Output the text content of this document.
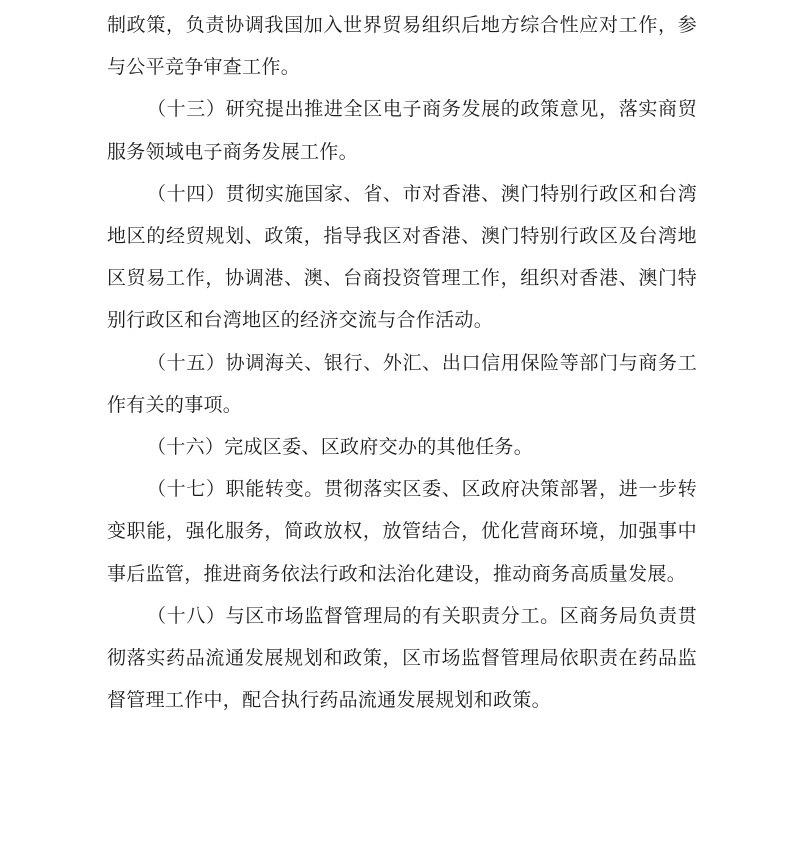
制政策，负责协调我国加入世界贸易组织后地方综合性应对工作，参与公平竞争审查工作。

（十三）研究提出推进全区电子商务发展的政策意见，落实商贸服务领域电子商务发展工作。

（十四）贯彻实施国家、省、市对香港、澳门特别行政区和台湾地区的经贸规划、政策，指导我区对香港、澳门特别行政区及台湾地区贸易工作，协调港、澳、台商投资管理工作，组织对香港、澳门特别行政区和台湾地区的经济交流与合作活动。

（十五）协调海关、银行、外汇、出口信用保险等部门与商务工作有关的事项。

（十六）完成区委、区政府交办的其他任务。

（十七）职能转变。贯彻落实区委、区政府决策部署，进一步转变职能，强化服务，简政放权，放管结合，优化营商环境，加强事中事后监管，推进商务依法行政和法治化建设，推动商务高质量发展。

（十八）与区市场监督管理局的有关职责分工。区商务局负责贯彻落实药品流通发展规划和政策，区市场监督管理局依职责在药品监督管理工作中，配合执行药品流通发展规划和政策。
